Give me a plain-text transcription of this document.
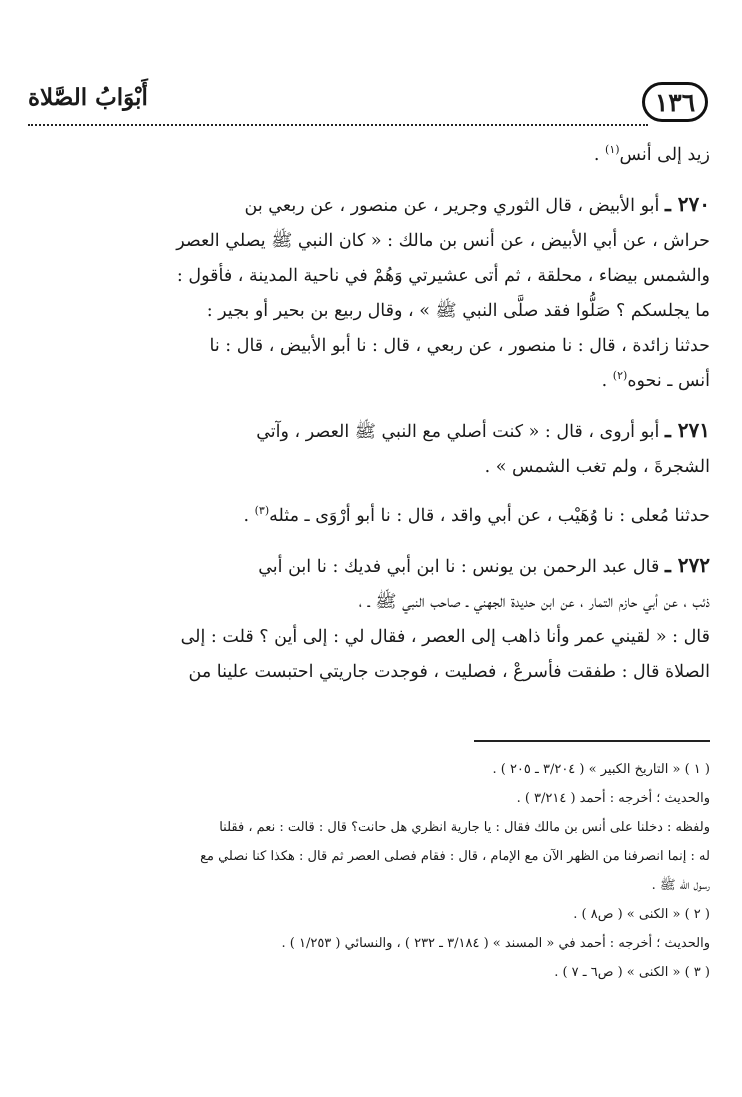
١٣٦
أَبْوَابُ الصَّلاة

زيد إلى أنس$^{(١)}$ .

٢٧٠ ـ أبو الأبيض ، قال الثوري وجرير ، عن منصور ، عن ربعي بن

حراش ، عن أبي الأبيض ، عن أنس بن مالك : « كان النبي ﷺ يصلي العصر

والشمس بيضاء ، محلقة ، ثم أتى عشيرتي وَهُمْ في ناحية المدينة ، فأقول :

ما يجلسكم ؟ صَلُّوا فقد صلَّى النبي ﷺ » ، وقال ربيع بن بحير أو بجير :

حدثنا زائدة ، قال : نا منصور ، عن ربعي ، قال : نا أبو الأبيض ، قال : نا

أنس ـ نحوه$^{(٢)}$ .

٢٧١ ـ أبو أروى ، قال : « كنت أصلي مع النبي ﷺ العصر ، وآتي

الشجرةَ ، ولم تغب الشمس » .

حدثنا مُعلى : نا وُهَيْب ، عن أبي واقد ، قال : نا أبو أرْوَى ـ مثله$^{(٣)}$ .

٢٧٢ ـ قال عبد الرحمن بن يونس : نا ابن أبي فديك : نا ابن أبي

ذئب ، عن أبي حازم التمار ، عن ابن حديدة الجهني ـ صاحب النبي ﷺ ـ ،

قال : « لقيني عمر وأنا ذاهب إلى العصر ، فقال لي : إلى أين ؟ قلت : إلى

الصلاة قال : طفقت فأسرعْ ، فصليت ، فوجدت جاريتي احتبست علينا من

( ١ ) « التاريخ الكبير » ( ٣/٢٠٤ ـ ٢٠٥ ) .

والحديث ؛ أخرجه : أحمد ( ٣/٢١٤ ) .

ولفظه : دخلنا على أنس بن مالك فقال : يا جارية انظري هل حانت؟ قال : قالت : نعم ، فقلنا

له : إنما انصرفنا من الظهر الآن مع الإمام ، قال : فقام فصلى العصر ثم قال : هكذا كنا نصلي مع

رسول الله ﷺ .

( ٢ ) « الكنى » ( ص٨ ) .

والحديث ؛ أخرجه : أحمد في « المسند » ( ٣/١٨٤ ـ ٢٣٢ ) ، والنسائي ( ١/٢٥٣ ) .

( ٣ ) « الكنى » ( ص٦ ـ ٧ ) .
